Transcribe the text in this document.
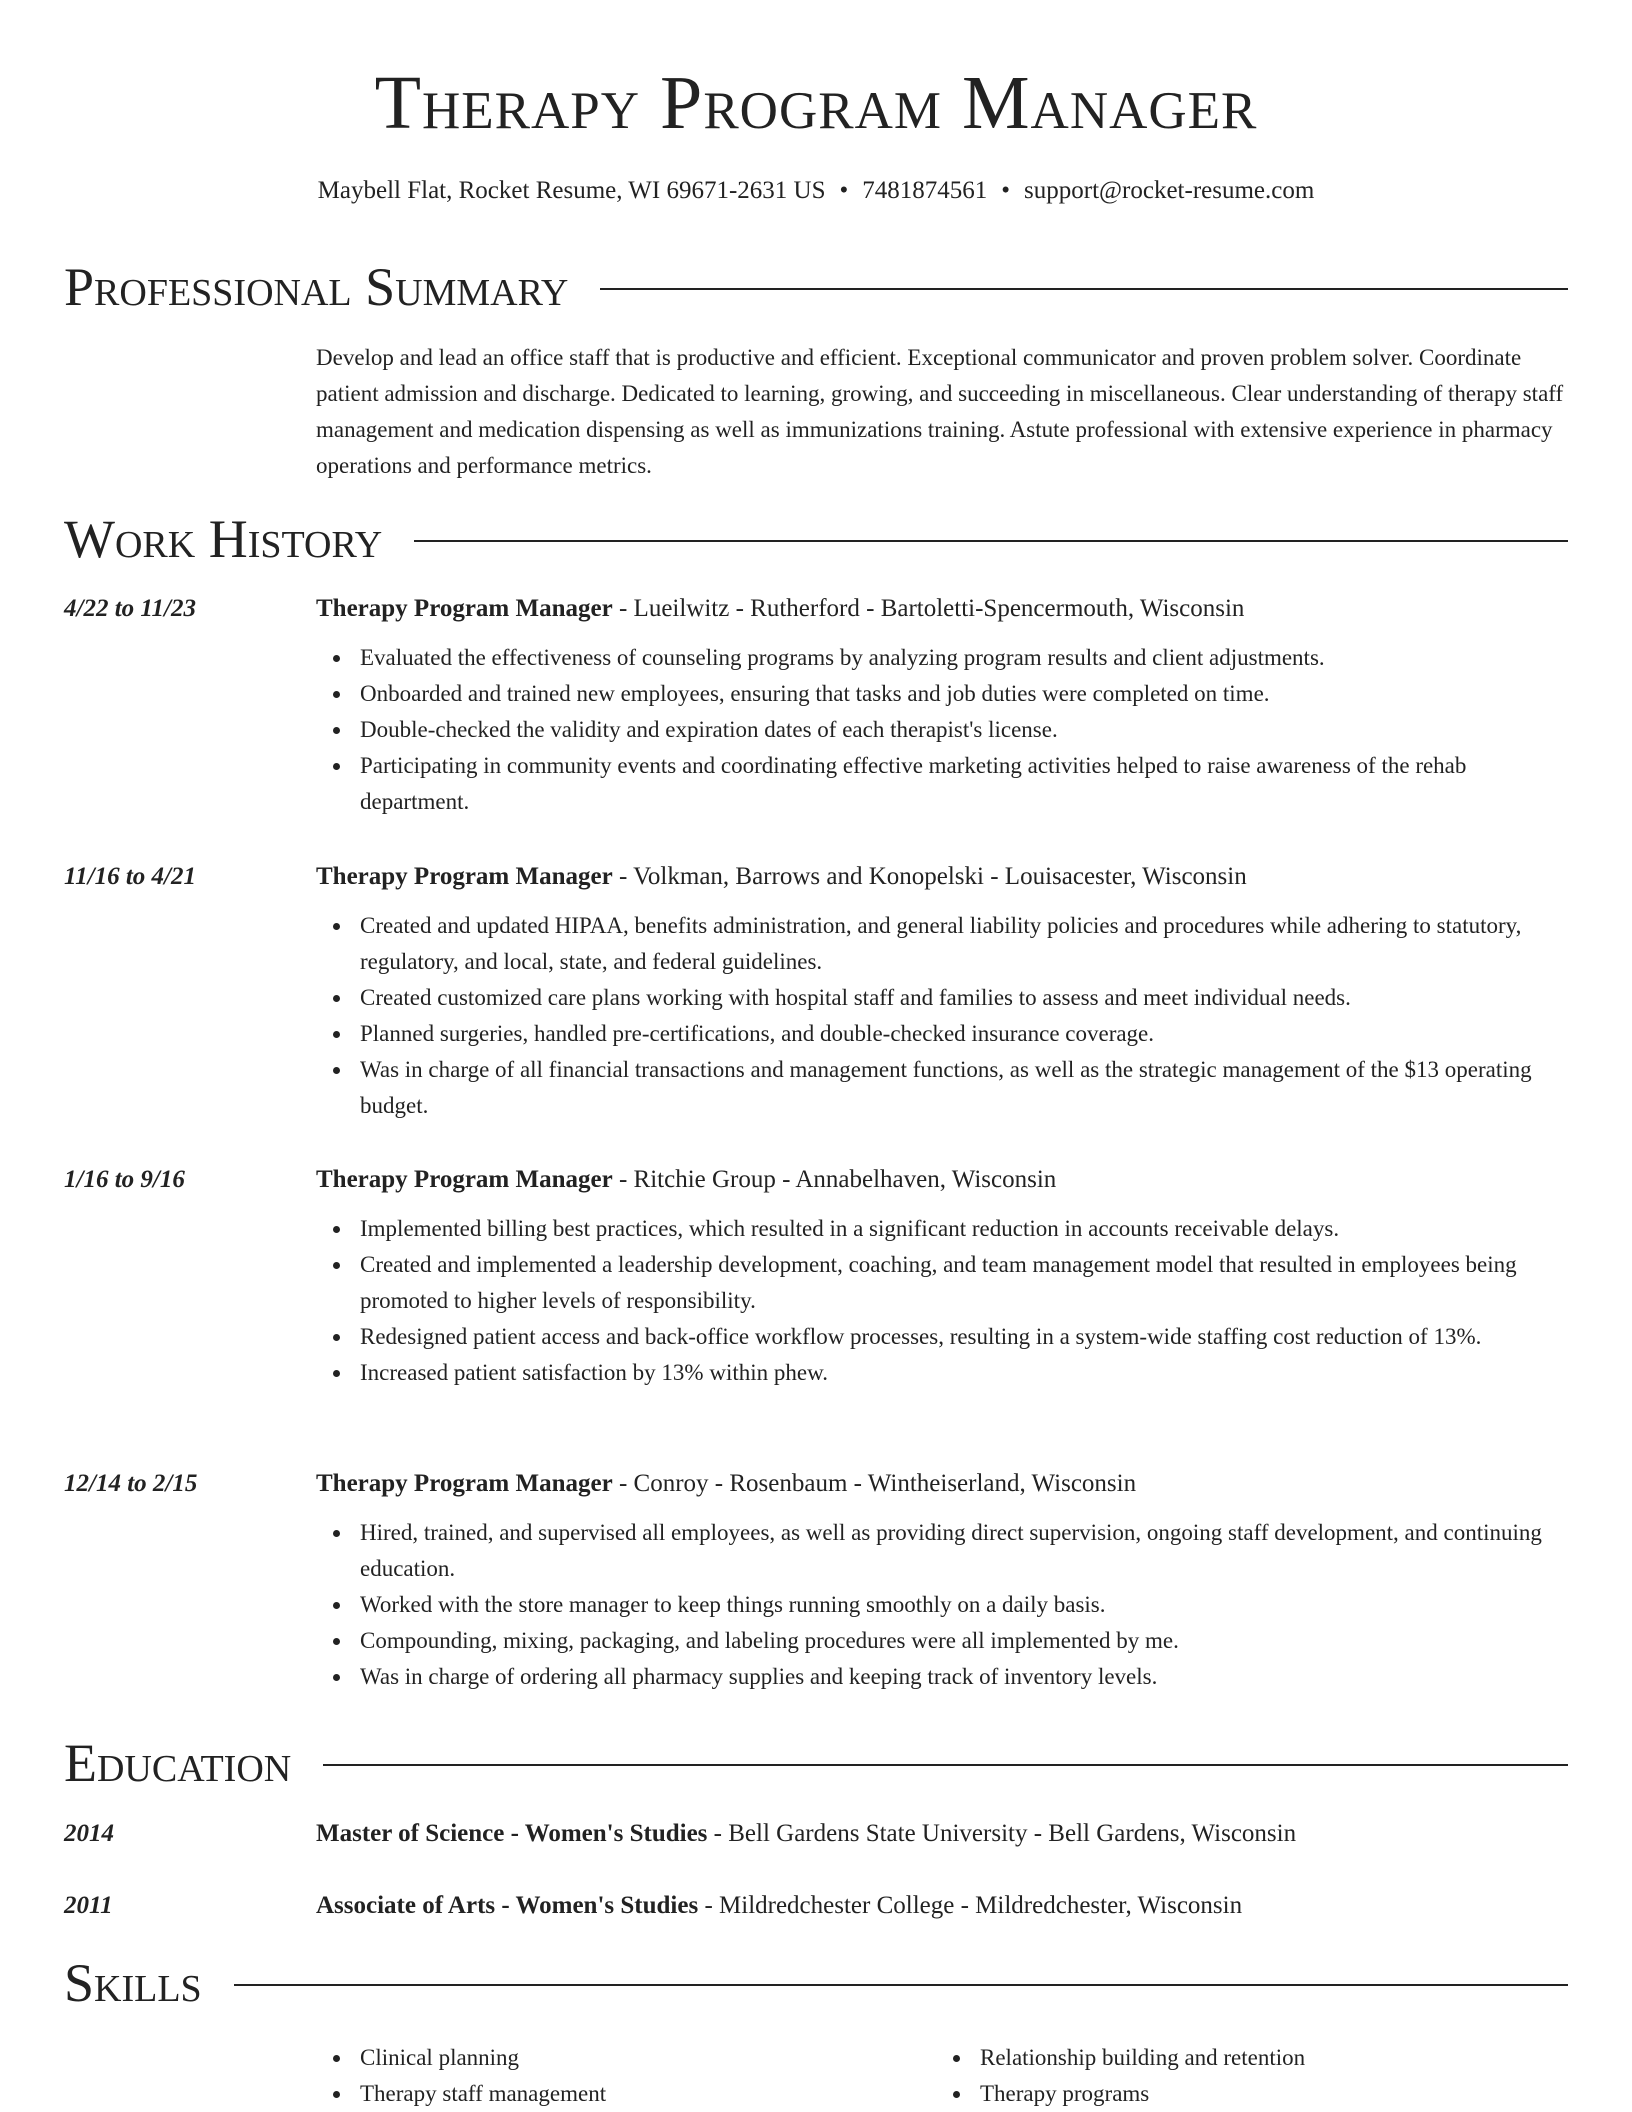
Therapy Program Manager
Maybell Flat, Rocket Resume, WI 69671-2631 US • 7481874561 • support@rocket-resume.com
Professional Summary
Develop and lead an office staff that is productive and efficient. Exceptional communicator and proven problem solver. Coordinate patient admission and discharge. Dedicated to learning, growing, and succeeding in miscellaneous. Clear understanding of therapy staff management and medication dispensing as well as immunizations training. Astute professional with extensive experience in pharmacy operations and performance metrics.
Work History
4/22 to 11/23	Therapy Program Manager - Lueilwitz - Rutherford - Bartoletti-Spencermouth, Wisconsin
Evaluated the effectiveness of counseling programs by analyzing program results and client adjustments.
Onboarded and trained new employees, ensuring that tasks and job duties were completed on time.
Double-checked the validity and expiration dates of each therapist's license.
Participating in community events and coordinating effective marketing activities helped to raise awareness of the rehab department.
11/16 to 4/21	Therapy Program Manager - Volkman, Barrows and Konopelski - Louisacester, Wisconsin
Created and updated HIPAA, benefits administration, and general liability policies and procedures while adhering to statutory, regulatory, and local, state, and federal guidelines.
Created customized care plans working with hospital staff and families to assess and meet individual needs.
Planned surgeries, handled pre-certifications, and double-checked insurance coverage.
Was in charge of all financial transactions and management functions, as well as the strategic management of the $13 operating budget.
1/16 to 9/16	Therapy Program Manager - Ritchie Group - Annabelhaven, Wisconsin
Implemented billing best practices, which resulted in a significant reduction in accounts receivable delays.
Created and implemented a leadership development, coaching, and team management model that resulted in employees being promoted to higher levels of responsibility.
Redesigned patient access and back-office workflow processes, resulting in a system-wide staffing cost reduction of 13%.
Increased patient satisfaction by 13% within phew.
12/14 to 2/15	Therapy Program Manager - Conroy - Rosenbaum - Wintheiserland, Wisconsin
Hired, trained, and supervised all employees, as well as providing direct supervision, ongoing staff development, and continuing education.
Worked with the store manager to keep things running smoothly on a daily basis.
Compounding, mixing, packaging, and labeling procedures were all implemented by me.
Was in charge of ordering all pharmacy supplies and keeping track of inventory levels.
Education
2014	Master of Science - Women's Studies - Bell Gardens State University - Bell Gardens, Wisconsin
2011	Associate of Arts - Women's Studies - Mildredchester College - Mildredchester, Wisconsin
Skills
Clinical planning
Therapy staff management
Relationship building and retention
Therapy programs
